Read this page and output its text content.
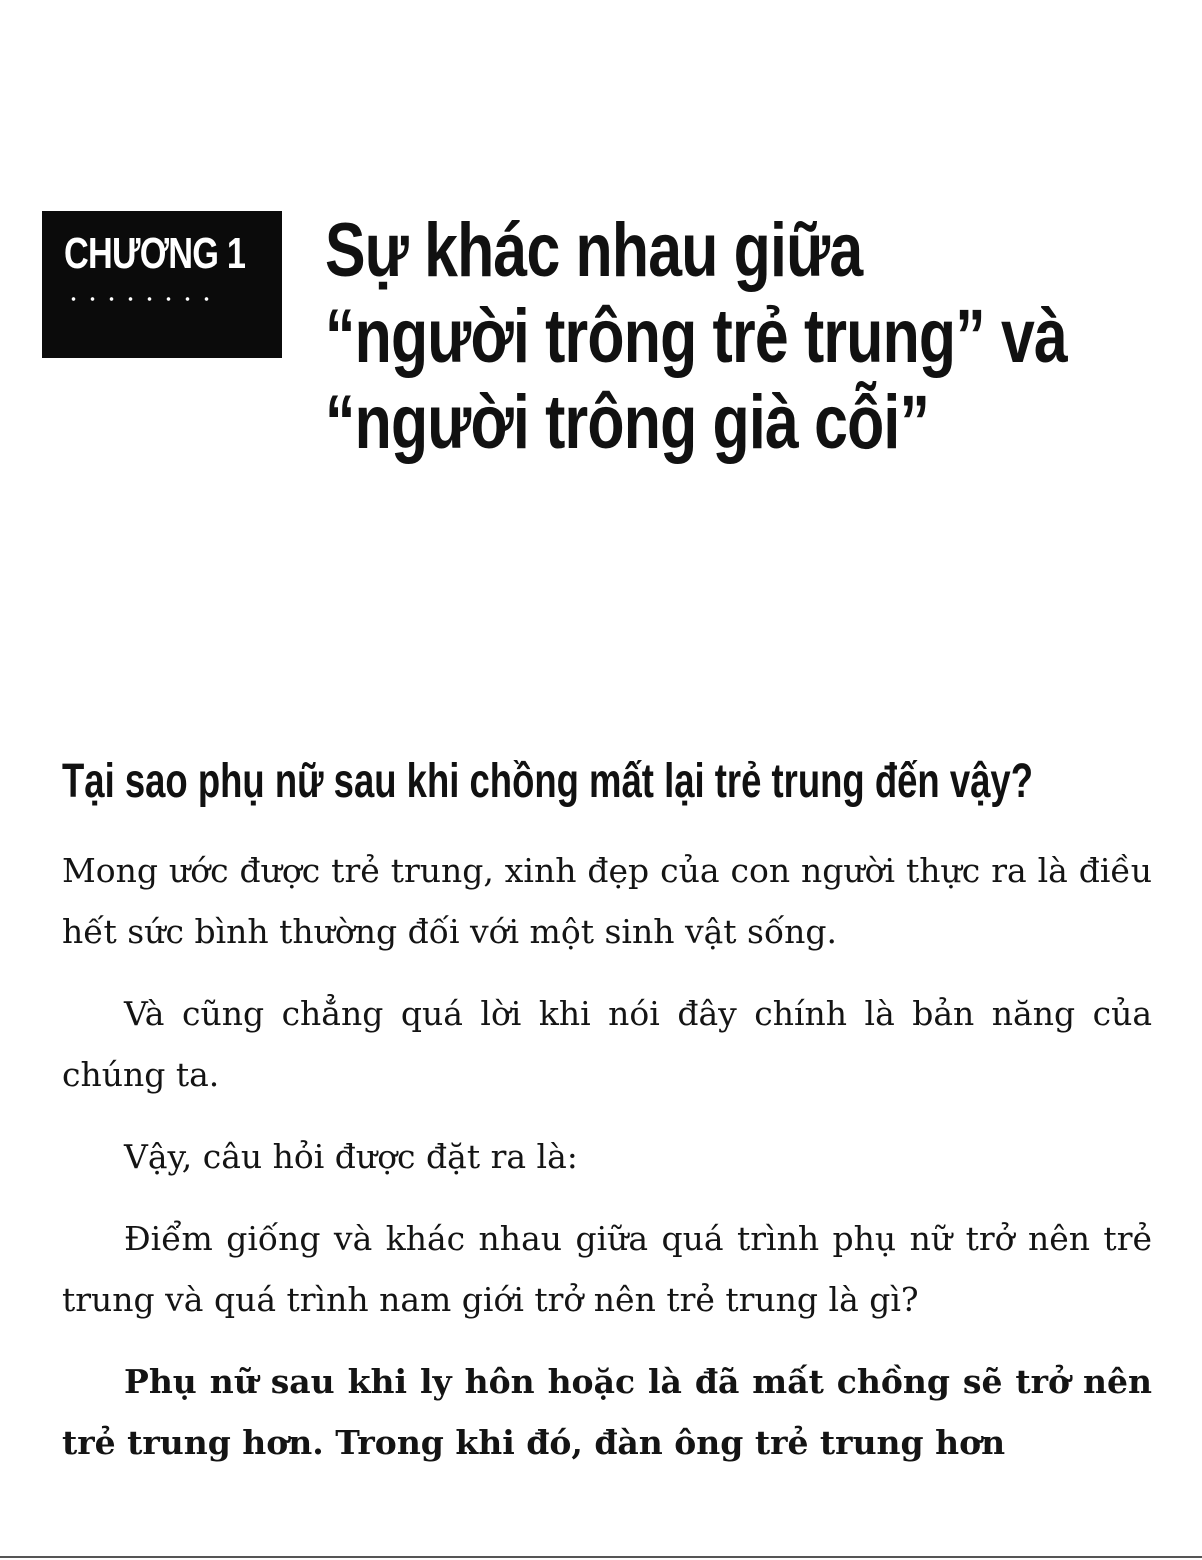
CHƯƠNG 1 Sự khác nhau giữa
“người trông trẻ trung” và
“người trông già cỗi”
Tại sao phụ nữ sau khi chồng mất lại trẻ trung đến vậy?

Mong ước được trẻ trung, xinh đẹp của con người thực ra là điều hết sức bình thường đối với một sinh vật sống.

Và cũng chẳng quá lời khi nói đây chính là bản năng của chúng ta.

Vậy, câu hỏi được đặt ra là:

Điểm giống và khác nhau giữa quá trình phụ nữ trở nên trẻ trung và quá trình nam giới trở nên trẻ trung là gì?

Phụ nữ sau khi ly hôn hoặc là đã mất chồng sẽ trở nên trẻ trung hơn. Trong khi đó, đàn ông trẻ trung hơn
